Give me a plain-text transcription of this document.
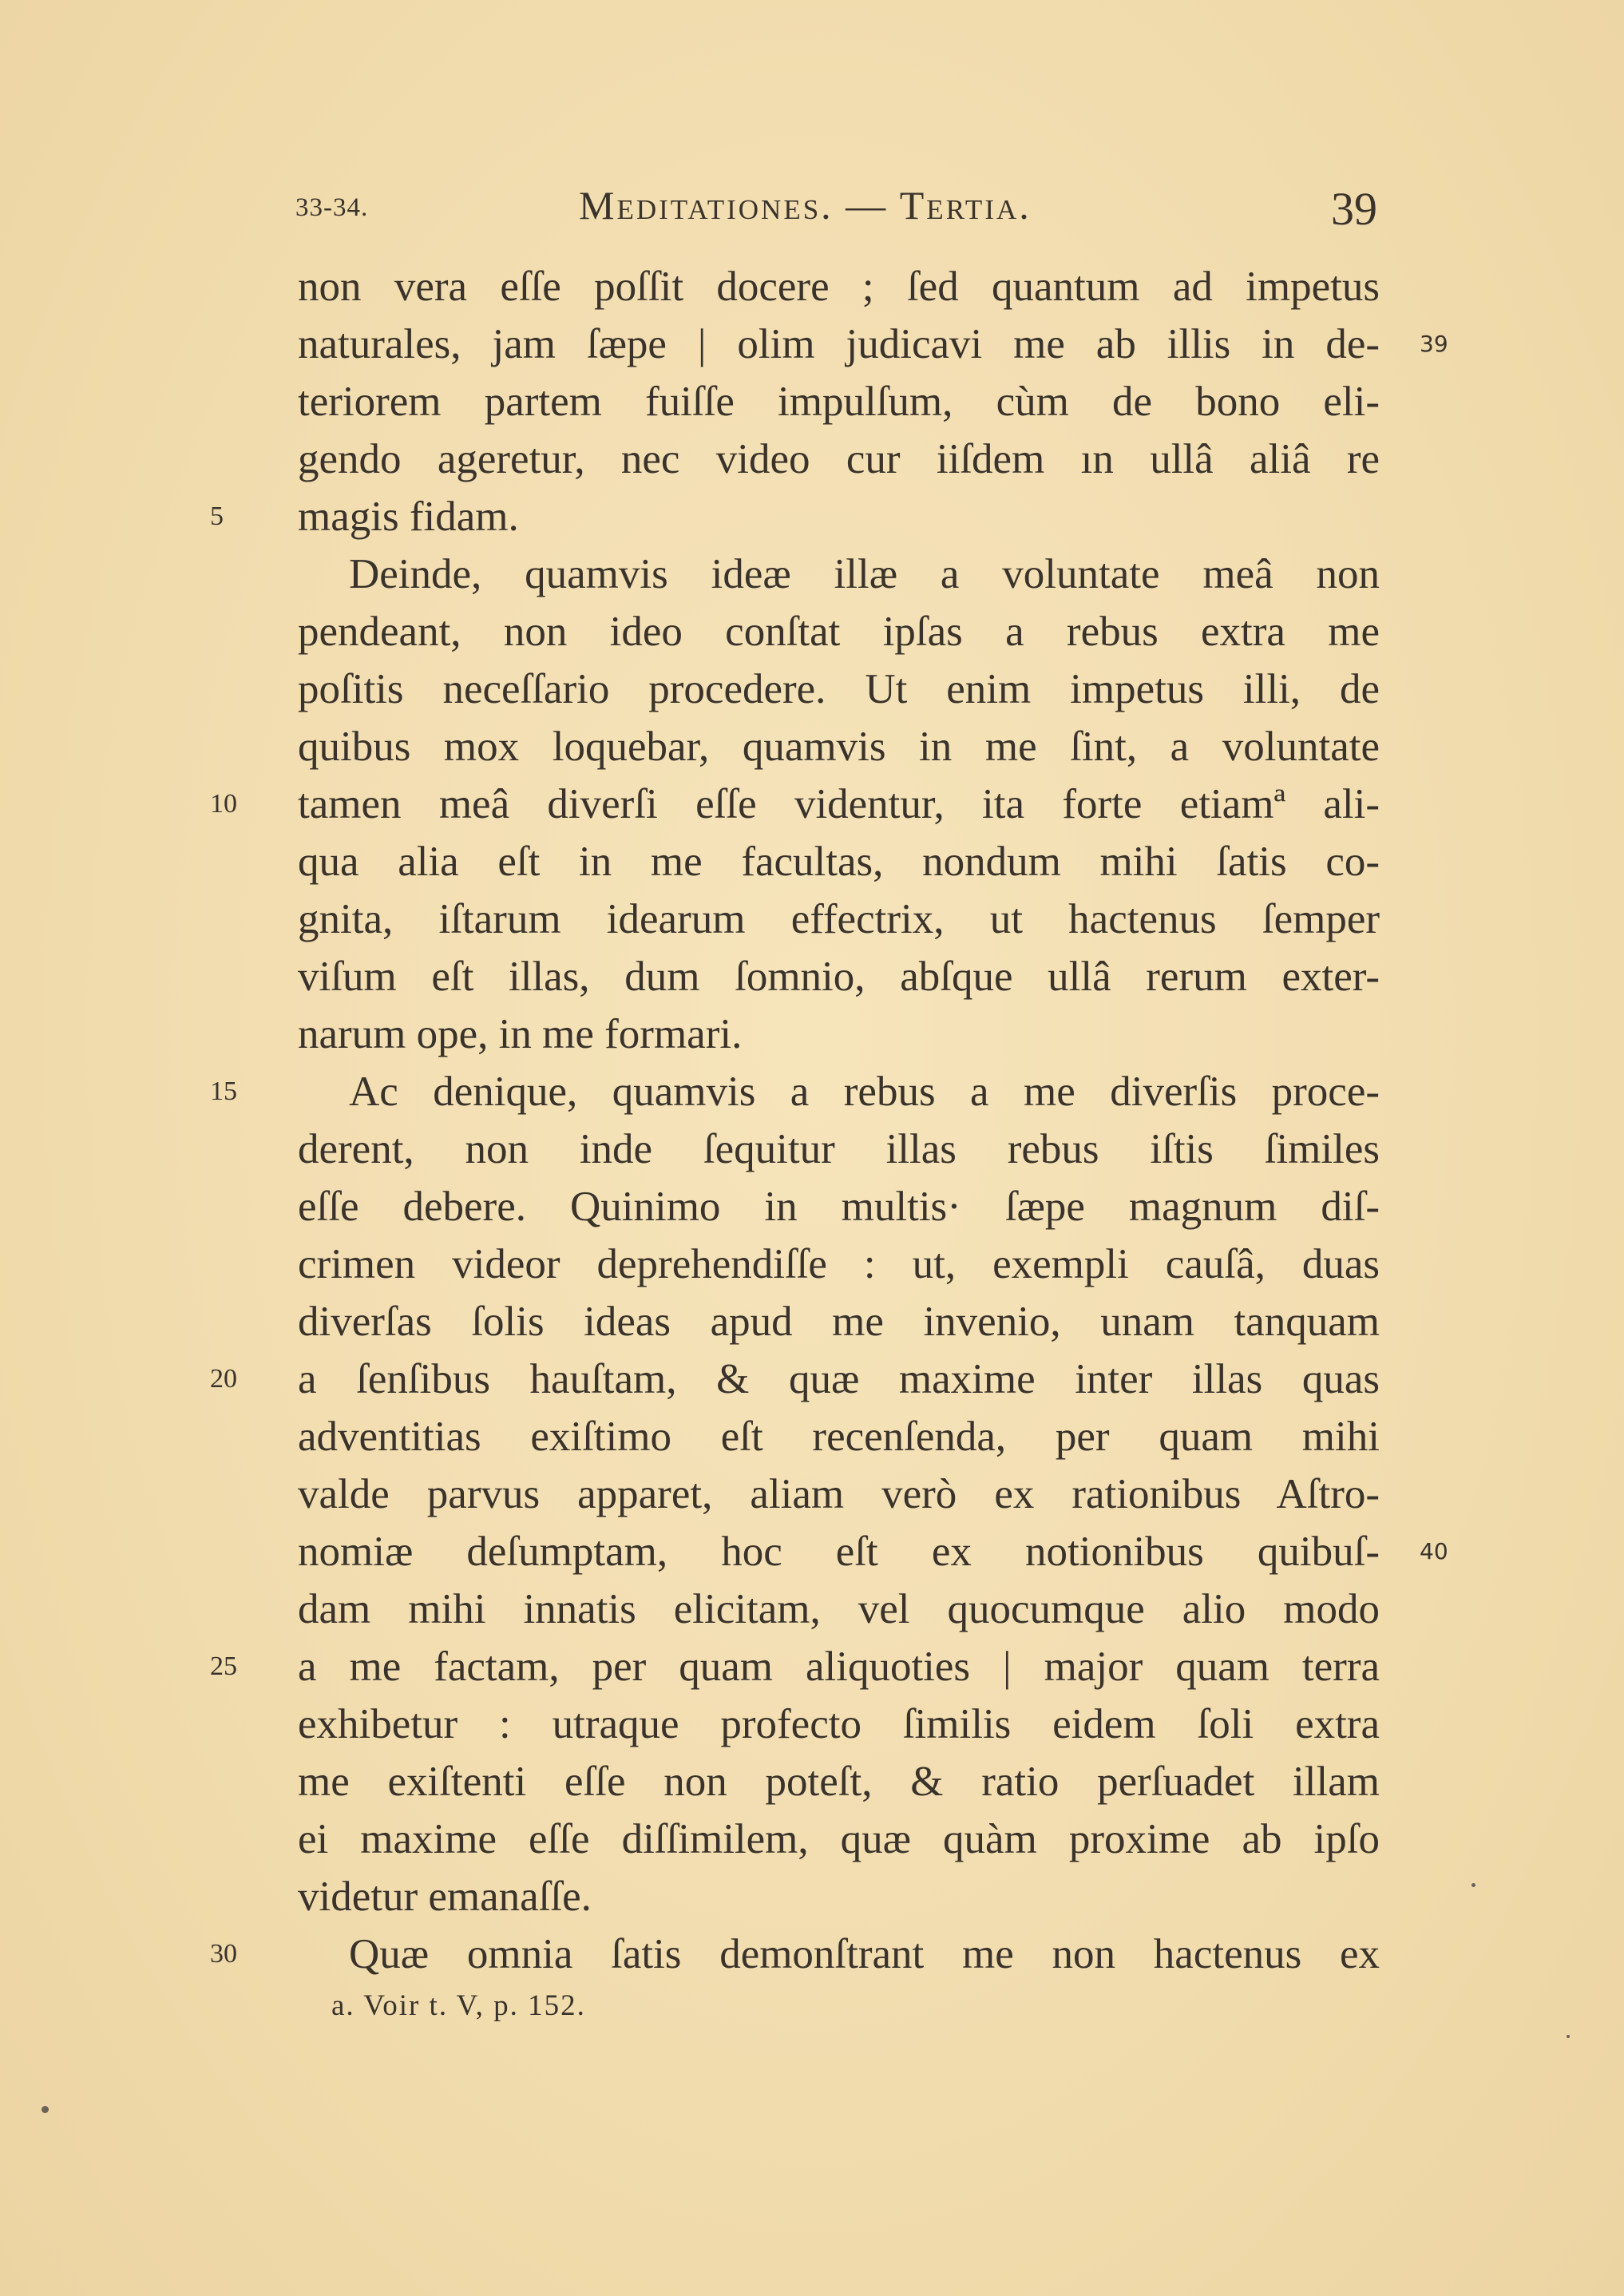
33-34.	Meditationes. — Tertia.	39
non vera eſſe poſſit docere ; ſed quantum ad impetus
naturales, jam ſæpe | olim judicavi me ab illis in de- 39
teriorem partem fuiſſe impulſum, cùm de bono eli-
gendo ageretur, nec video cur iiſdem ın ullâ aliâ re
magis fidam.
5
Deinde, quamvis ideæ illæ a voluntate meâ non
pendeant, non ideo conſtat ipſas a rebus extra me
poſitis neceſſario procedere. Ut enim impetus illi, de
quibus mox loquebar, quamvis in me ſint, a voluntate
tamen meâ diverſi eſſe videntur, ita forte etiamª ali-
10
qua alia eſt in me facultas, nondum mihi ſatis co-
gnita, iſtarum idearum effectrix, ut hactenus ſemper
viſum eſt illas, dum ſomnio, abſque ullâ rerum exter-
narum ope, in me formari.
Ac denique, quamvis a rebus a me diverſis proce-
15
derent, non inde ſequitur illas rebus iſtis ſimiles
eſſe debere. Quinimo in multis· ſæpe magnum diſ-
crimen videor deprehendiſſe : ut, exempli cauſâ, duas
diverſas ſolis ideas apud me invenio, unam tanquam
a ſenſibus hauſtam, & quæ maxime inter illas quas
20
adventitias exiſtimo eſt recenſenda, per quam mihi
valde parvus apparet, aliam verò ex rationibus Aſtro-
nomiæ deſumptam, hoc eſt ex notionibus quibuſ- 40
dam mihi innatis elicitam, vel quocumque alio modo
a me factam, per quam aliquoties | major quam terra
25
exhibetur : utraque profecto ſimilis eidem ſoli extra
me exiſtenti eſſe non poteſt, & ratio perſuadet illam
ei maxime eſſe diſſimilem, quæ quàm proxime ab ipſo
videtur emanaſſe.
Quæ omnia ſatis demonſtrant me non hactenus ex
30
a. Voir t. V, p. 152.
